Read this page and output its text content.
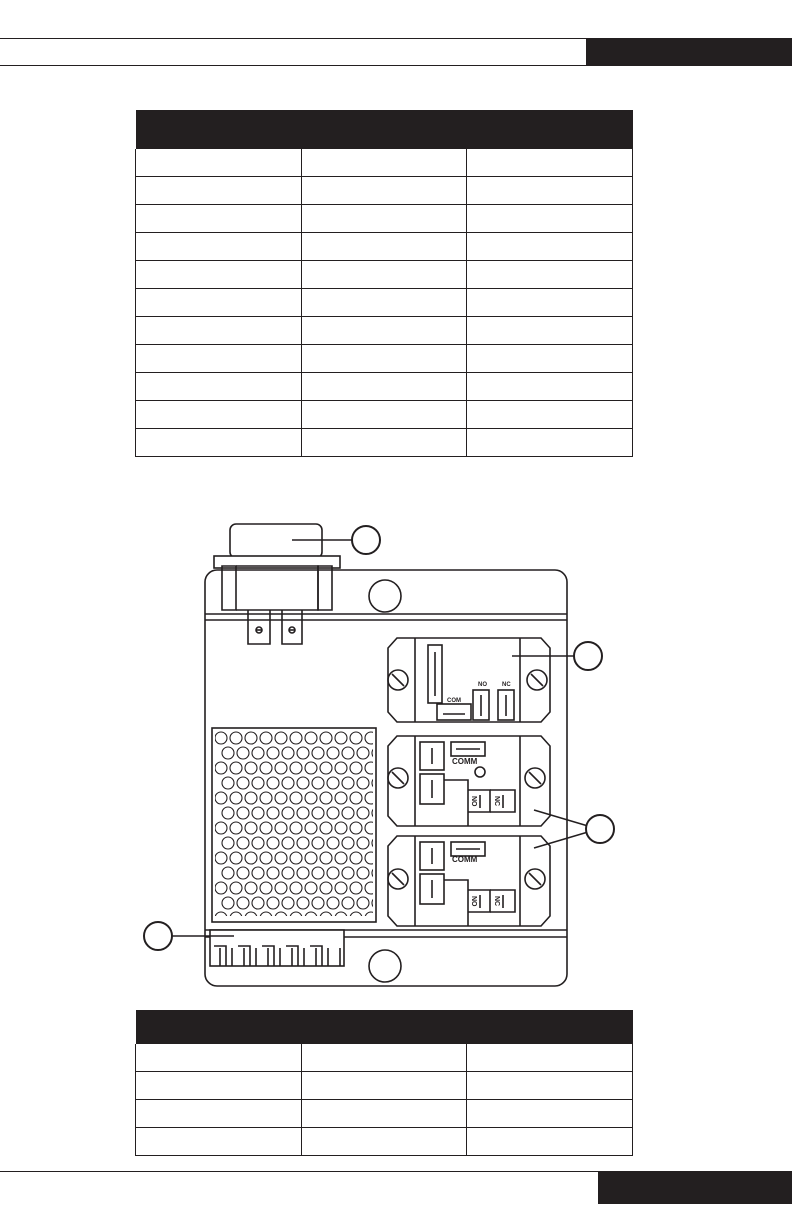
COM
NO	NC
COMM
NO NC
COMM
NO NC
